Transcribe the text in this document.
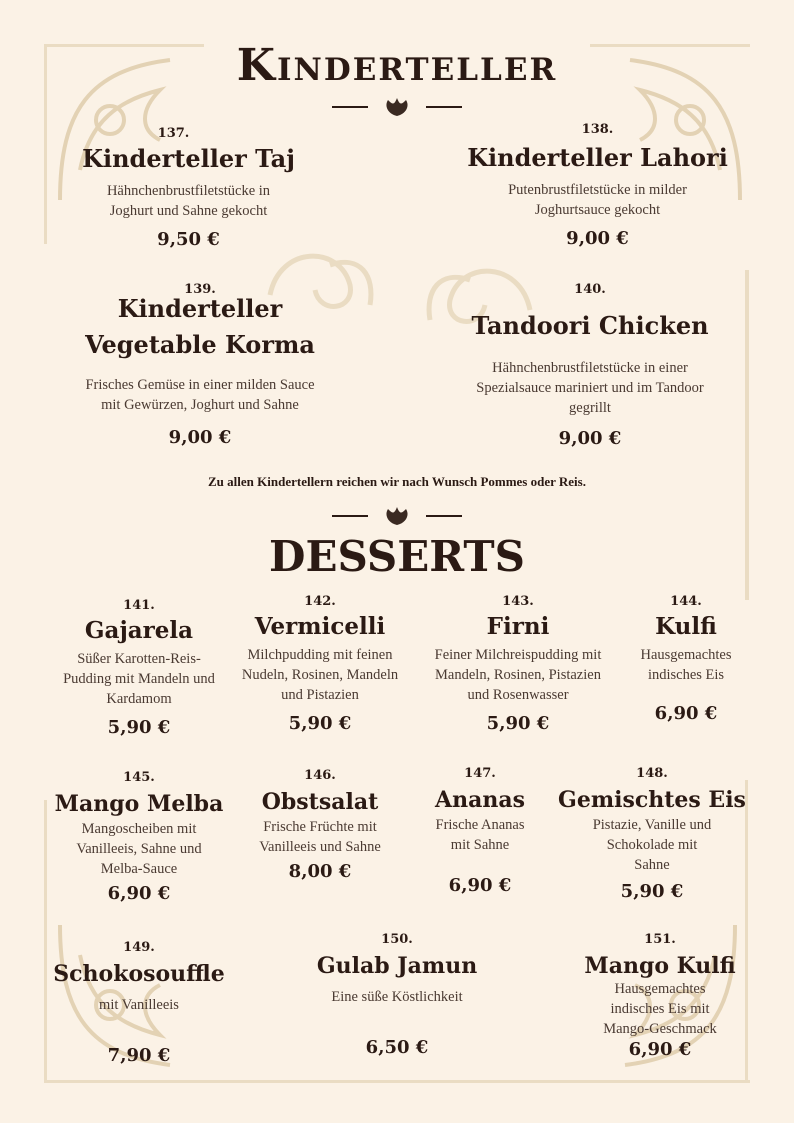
Kinderteller
137.
Kinderteller Taj
Hähnchenbrustfiletstücke in Joghurt und Sahne gekocht
9,50 €
138.
Kinderteller Lahori
Putenbrustfiletstücke in milder Joghurtsauce gekocht
9,00 €
139.
Kinderteller Vegetable Korma
Frisches Gemüse in einer milden Sauce mit Gewürzen, Joghurt und Sahne
9,00 €
140.
Tandoori Chicken
Hähnchenbrustfiletstücke in einer Spezialsauce mariniert und im Tandoor gegrillt
9,00 €
Zu allen Kindertellern reichen wir nach Wunsch Pommes oder Reis.
DESSERTS
141.
Gajarela
Süßer Karotten-Reis-Pudding mit Mandeln und Kardamom
5,90 €
142.
Vermicelli
Milchpudding mit feinen Nudeln, Rosinen, Mandeln und Pistazien
5,90 €
143.
Firni
Feiner Milchreispudding mit Mandeln, Rosinen, Pistazien und Rosenwasser
5,90 €
144.
Kulfi
Hausgemachtes indisches Eis
6,90 €
145.
Mango Melba
Mangoscheiben mit Vanilleeis, Sahne und Melba-Sauce
6,90 €
146.
Obstsalat
Frische Früchte mit Vanilleeis und Sahne
8,00 €
147.
Ananas
Frische Ananas mit Sahne
6,90 €
148.
Gemischtes Eis
Pistazie, Vanille und Schokolade mit Sahne
5,90 €
149.
Schokosouffle
mit Vanilleeis
7,90 €
150.
Gulab Jamun
Eine süße Köstlichkeit
6,50 €
151.
Mango Kulfi
Hausgemachtes indisches Eis mit Mango-Geschmack
6,90 €
